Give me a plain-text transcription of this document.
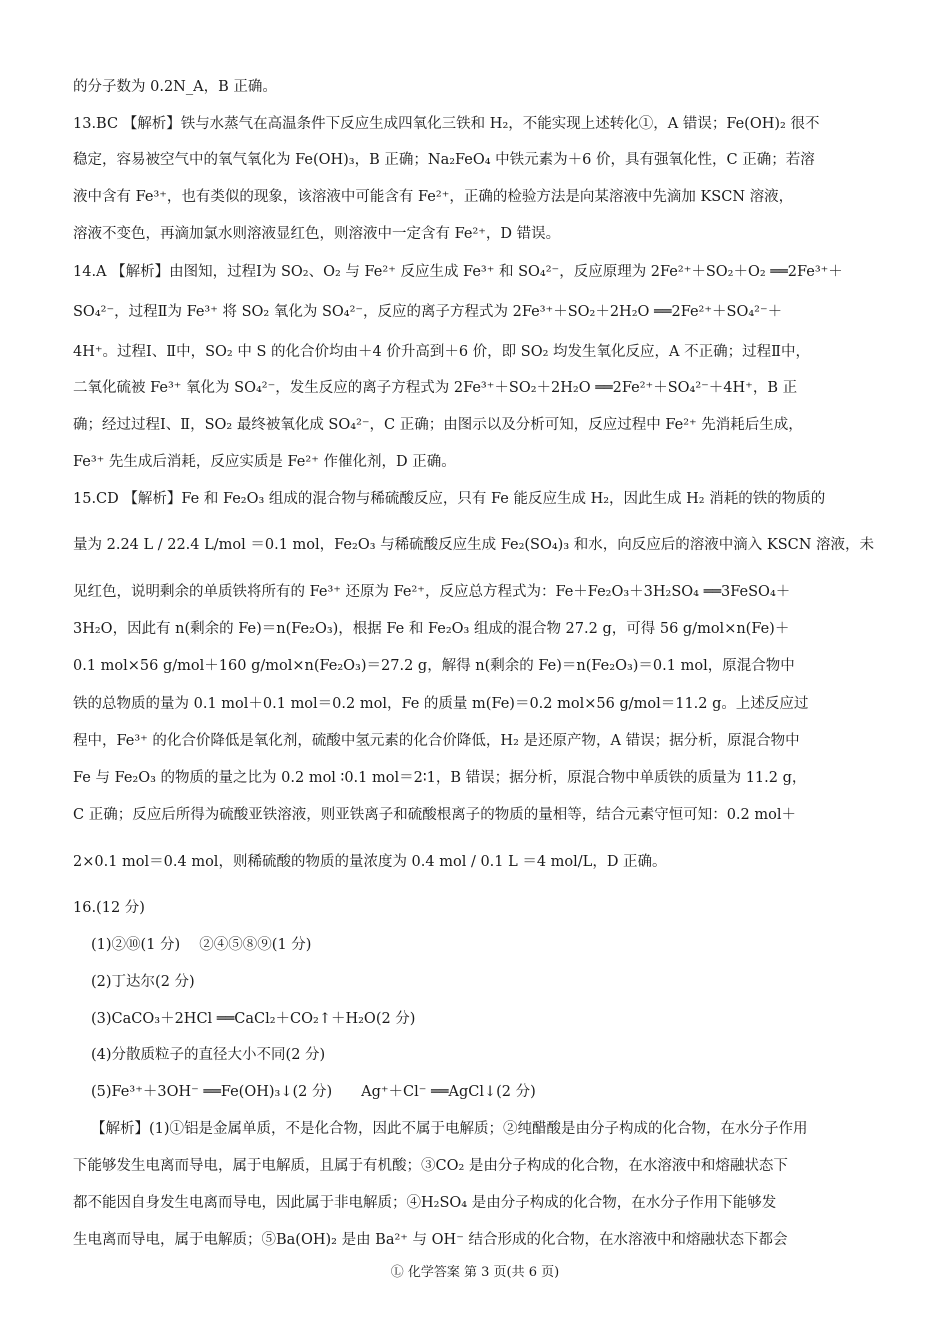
的分子数为 0.2N_A，B 正确。
13.BC 【解析】铁与水蒸气在高温条件下反应生成四氧化三铁和 H₂，不能实现上述转化①，A 错误；Fe(OH)₂ 很不
稳定，容易被空气中的氧气氧化为 Fe(OH)₃，B 正确；Na₂FeO₄ 中铁元素为＋6 价，具有强氧化性，C 正确；若溶
液中含有 Fe³⁺，也有类似的现象，该溶液中可能含有 Fe²⁺，正确的检验方法是向某溶液中先滴加 KSCN 溶液，
溶液不变色，再滴加氯水则溶液显红色，则溶液中一定含有 Fe²⁺，D 错误。
14.A 【解析】由图知，过程Ⅰ为 SO₂、O₂ 与 Fe²⁺ 反应生成 Fe³⁺ 和 SO₄²⁻，反应原理为 2Fe²⁺＋SO₂＋O₂ ══2Fe³⁺＋
SO₄²⁻，过程Ⅱ为 Fe³⁺ 将 SO₂ 氧化为 SO₄²⁻，反应的离子方程式为 2Fe³⁺＋SO₂＋2H₂O ══2Fe²⁺＋SO₄²⁻＋
4H⁺。过程Ⅰ、Ⅱ中，SO₂ 中 S 的化合价均由＋4 价升高到＋6 价，即 SO₂ 均发生氧化反应，A 不正确；过程Ⅱ中，
二氧化硫被 Fe³⁺ 氧化为 SO₄²⁻，发生反应的离子方程式为 2Fe³⁺＋SO₂＋2H₂O ══2Fe²⁺＋SO₄²⁻＋4H⁺，B 正
确；经过过程Ⅰ、Ⅱ，SO₂ 最终被氧化成 SO₄²⁻，C 正确；由图示以及分析可知，反应过程中 Fe²⁺ 先消耗后生成，
Fe³⁺ 先生成后消耗，反应实质是 Fe²⁺ 作催化剂，D 正确。
15.CD 【解析】Fe 和 Fe₂O₃ 组成的混合物与稀硫酸反应，只有 Fe 能反应生成 H₂，因此生成 H₂ 消耗的铁的物质的
量为 2.24 L / 22.4 L/mol ＝0.1 mol，Fe₂O₃ 与稀硫酸反应生成 Fe₂(SO₄)₃ 和水，向反应后的溶液中滴入 KSCN 溶液，未
见红色，说明剩余的单质铁将所有的 Fe³⁺ 还原为 Fe²⁺，反应总方程式为：Fe＋Fe₂O₃＋3H₂SO₄ ══3FeSO₄＋
3H₂O，因此有 n(剩余的 Fe)＝n(Fe₂O₃)，根据 Fe 和 Fe₂O₃ 组成的混合物 27.2 g，可得 56 g/mol×n(Fe)＋
0.1 mol×56 g/mol＋160 g/mol×n(Fe₂O₃)＝27.2 g，解得 n(剩余的 Fe)＝n(Fe₂O₃)＝0.1 mol，原混合物中
铁的总物质的量为 0.1 mol＋0.1 mol＝0.2 mol，Fe 的质量 m(Fe)＝0.2 mol×56 g/mol＝11.2 g。上述反应过
程中，Fe³⁺ 的化合价降低是氧化剂，硫酸中氢元素的化合价降低，H₂ 是还原产物，A 错误；据分析，原混合物中
Fe 与 Fe₂O₃ 的物质的量之比为 0.2 mol ∶0.1 mol＝2∶1，B 错误；据分析，原混合物中单质铁的质量为 11.2 g，
C 正确；反应后所得为硫酸亚铁溶液，则亚铁离子和硫酸根离子的物质的量相等，结合元素守恒可知：0.2 mol＋
2×0.1 mol＝0.4 mol，则稀硫酸的物质的量浓度为 0.4 mol / 0.1 L ＝4 mol/L，D 正确。
16.(12 分)
(1)②⑩(1 分)　 ②④⑤⑧⑨(1 分)
(2)丁达尔(2 分)
(3)CaCO₃＋2HCl ══CaCl₂＋CO₂↑＋H₂O(2 分)
(4)分散质粒子的直径大小不同(2 分)
(5)Fe³⁺＋3OH⁻ ══Fe(OH)₃↓(2 分)　　Ag⁺＋Cl⁻ ══AgCl↓(2 分)
【解析】(1)①铝是金属单质，不是化合物，因此不属于电解质；②纯醋酸是由分子构成的化合物，在水分子作用
下能够发生电离而导电，属于电解质，且属于有机酸；③CO₂ 是由分子构成的化合物，在水溶液中和熔融状态下
都不能因自身发生电离而导电，因此属于非电解质；④H₂SO₄ 是由分子构成的化合物，在水分子作用下能够发
生电离而导电，属于电解质；⑤Ba(OH)₂ 是由 Ba²⁺ 与 OH⁻ 结合形成的化合物，在水溶液中和熔融状态下都会
Ⓛ 化学答案 第 3 页(共 6 页)
